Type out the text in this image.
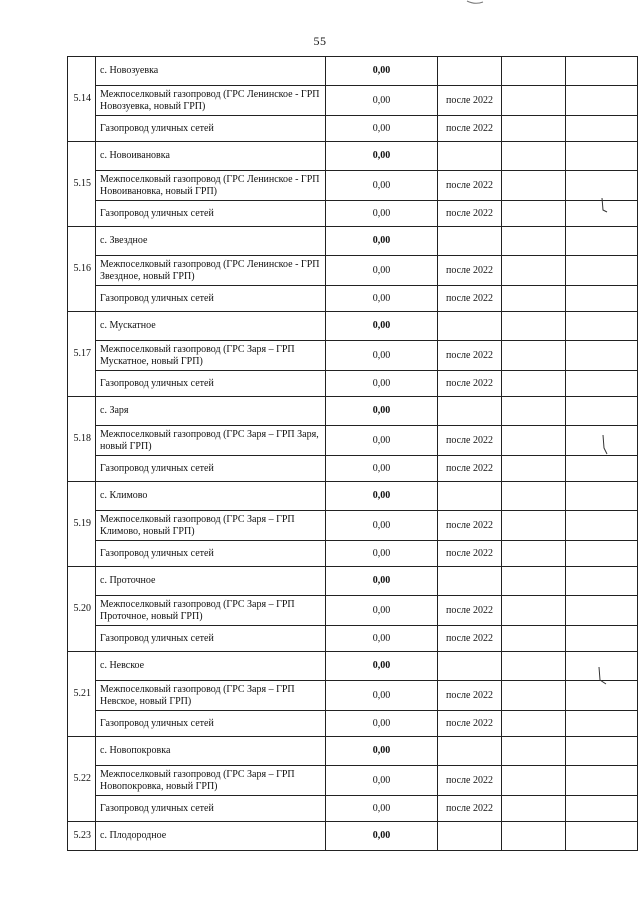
55
5.14	с. Новозуевка	0,00			
	Межпоселковый газопровод (ГРС Ленинское - ГРП Новозуевка, новый ГРП)	0,00	после 2022		
	Газопровод уличных сетей	0,00	после 2022		
5.15	с. Новоивановка	0,00			
	Межпоселковый газопровод (ГРС Ленинское - ГРП Новоивановка, новый ГРП)	0,00	после 2022		
	Газопровод уличных сетей	0,00	после 2022		
5.16	с. Звездное	0,00			
	Межпоселковый газопровод (ГРС Ленинское - ГРП Звездное, новый ГРП)	0,00	после 2022		
	Газопровод уличных сетей	0,00	после 2022		
5.17	с. Мускатное	0,00			
	Межпоселковый газопровод (ГРС Заря – ГРП Мускатное, новый ГРП)	0,00	после 2022		
	Газопровод уличных сетей	0,00	после 2022		
5.18	с. Заря	0,00			
	Межпоселковый газопровод (ГРС Заря – ГРП Заря, новый ГРП)	0,00	после 2022		
	Газопровод уличных сетей	0,00	после 2022		
5.19	с. Климово	0,00			
	Межпоселковый газопровод (ГРС Заря – ГРП Климово, новый ГРП)	0,00	после 2022		
	Газопровод уличных сетей	0,00	после 2022		
5.20	с. Проточное	0,00			
	Межпоселковый газопровод (ГРС Заря – ГРП Проточное, новый ГРП)	0,00	после 2022		
	Газопровод уличных сетей	0,00	после 2022		
5.21	с. Невское	0,00			
	Межпоселковый газопровод (ГРС Заря – ГРП Невское, новый ГРП)	0,00	после 2022		
	Газопровод уличных сетей	0,00	после 2022		
5.22	с. Новопокровка	0,00			
	Межпоселковый газопровод (ГРС Заря – ГРП Новопокровка, новый ГРП)	0,00	после 2022		
	Газопровод уличных сетей	0,00	после 2022		
5.23	с. Плодородное	0,00			
